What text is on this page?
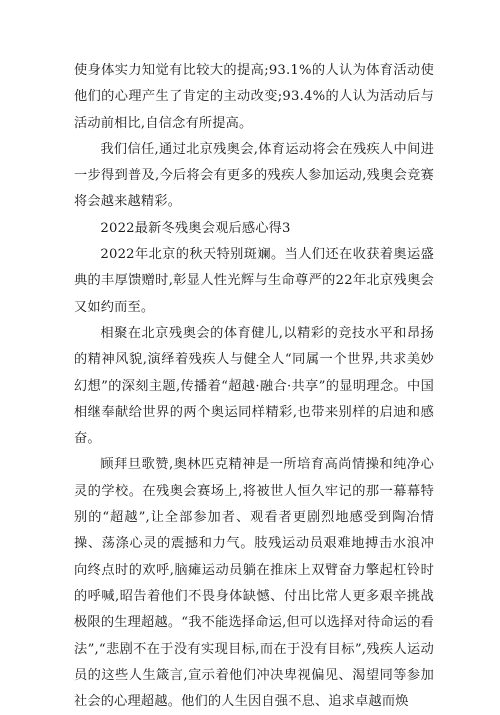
使身体实力知觉有比较大的提高;93.1%的人认为体育活动使他们的心理产生了肯定的主动改变;93.4%的人认为活动后与活动前相比,自信念有所提高。

我们信任,通过北京残奥会,体育运动将会在残疾人中间进一步得到普及,今后将会有更多的残疾人参加运动,残奥会竞赛将会越来越精彩。

2022最新冬残奥会观后感心得3

2022年北京的秋天特别斑斓。当人们还在收获着奥运盛典的丰厚馈赠时,彰显人性光辉与生命尊严的22年北京残奥会又如约而至。

相聚在北京残奥会的体育健儿,以精彩的竞技水平和昂扬的精神风貌,演绎着残疾人与健全人“同属一个世界,共求美妙幻想”的深刻主题,传播着“超越·融合·共享”的显明理念。中国相继奉献给世界的两个奥运同样精彩,也带来别样的启迪和感奋。

顾拜旦歌赞,奥林匹克精神是一所培育高尚情操和纯净心灵的学校。在残奥会赛场上,将被世人恒久牢记的那一幕幕特别的“超越”,让全部参加者、观看者更剧烈地感受到陶冶情操、荡涤心灵的震撼和力气。肢残运动员艰难地搏击水浪冲向终点时的欢呼,脑瘫运动员躺在推床上双臂奋力擎起杠铃时的呼喊,昭告着他们不畏身体缺憾、付出比常人更多艰辛挑战极限的生理超越。“我不能选择命运,但可以选择对待命运的看法”,“悲剧不在于没有实现目标,而在于没有目标”,残疾人运动员的这些人生箴言,宣示着他们冲决卑视偏见、渴望同等参加社会的心理超越。他们的人生因自强不息、追求卓越而焕
